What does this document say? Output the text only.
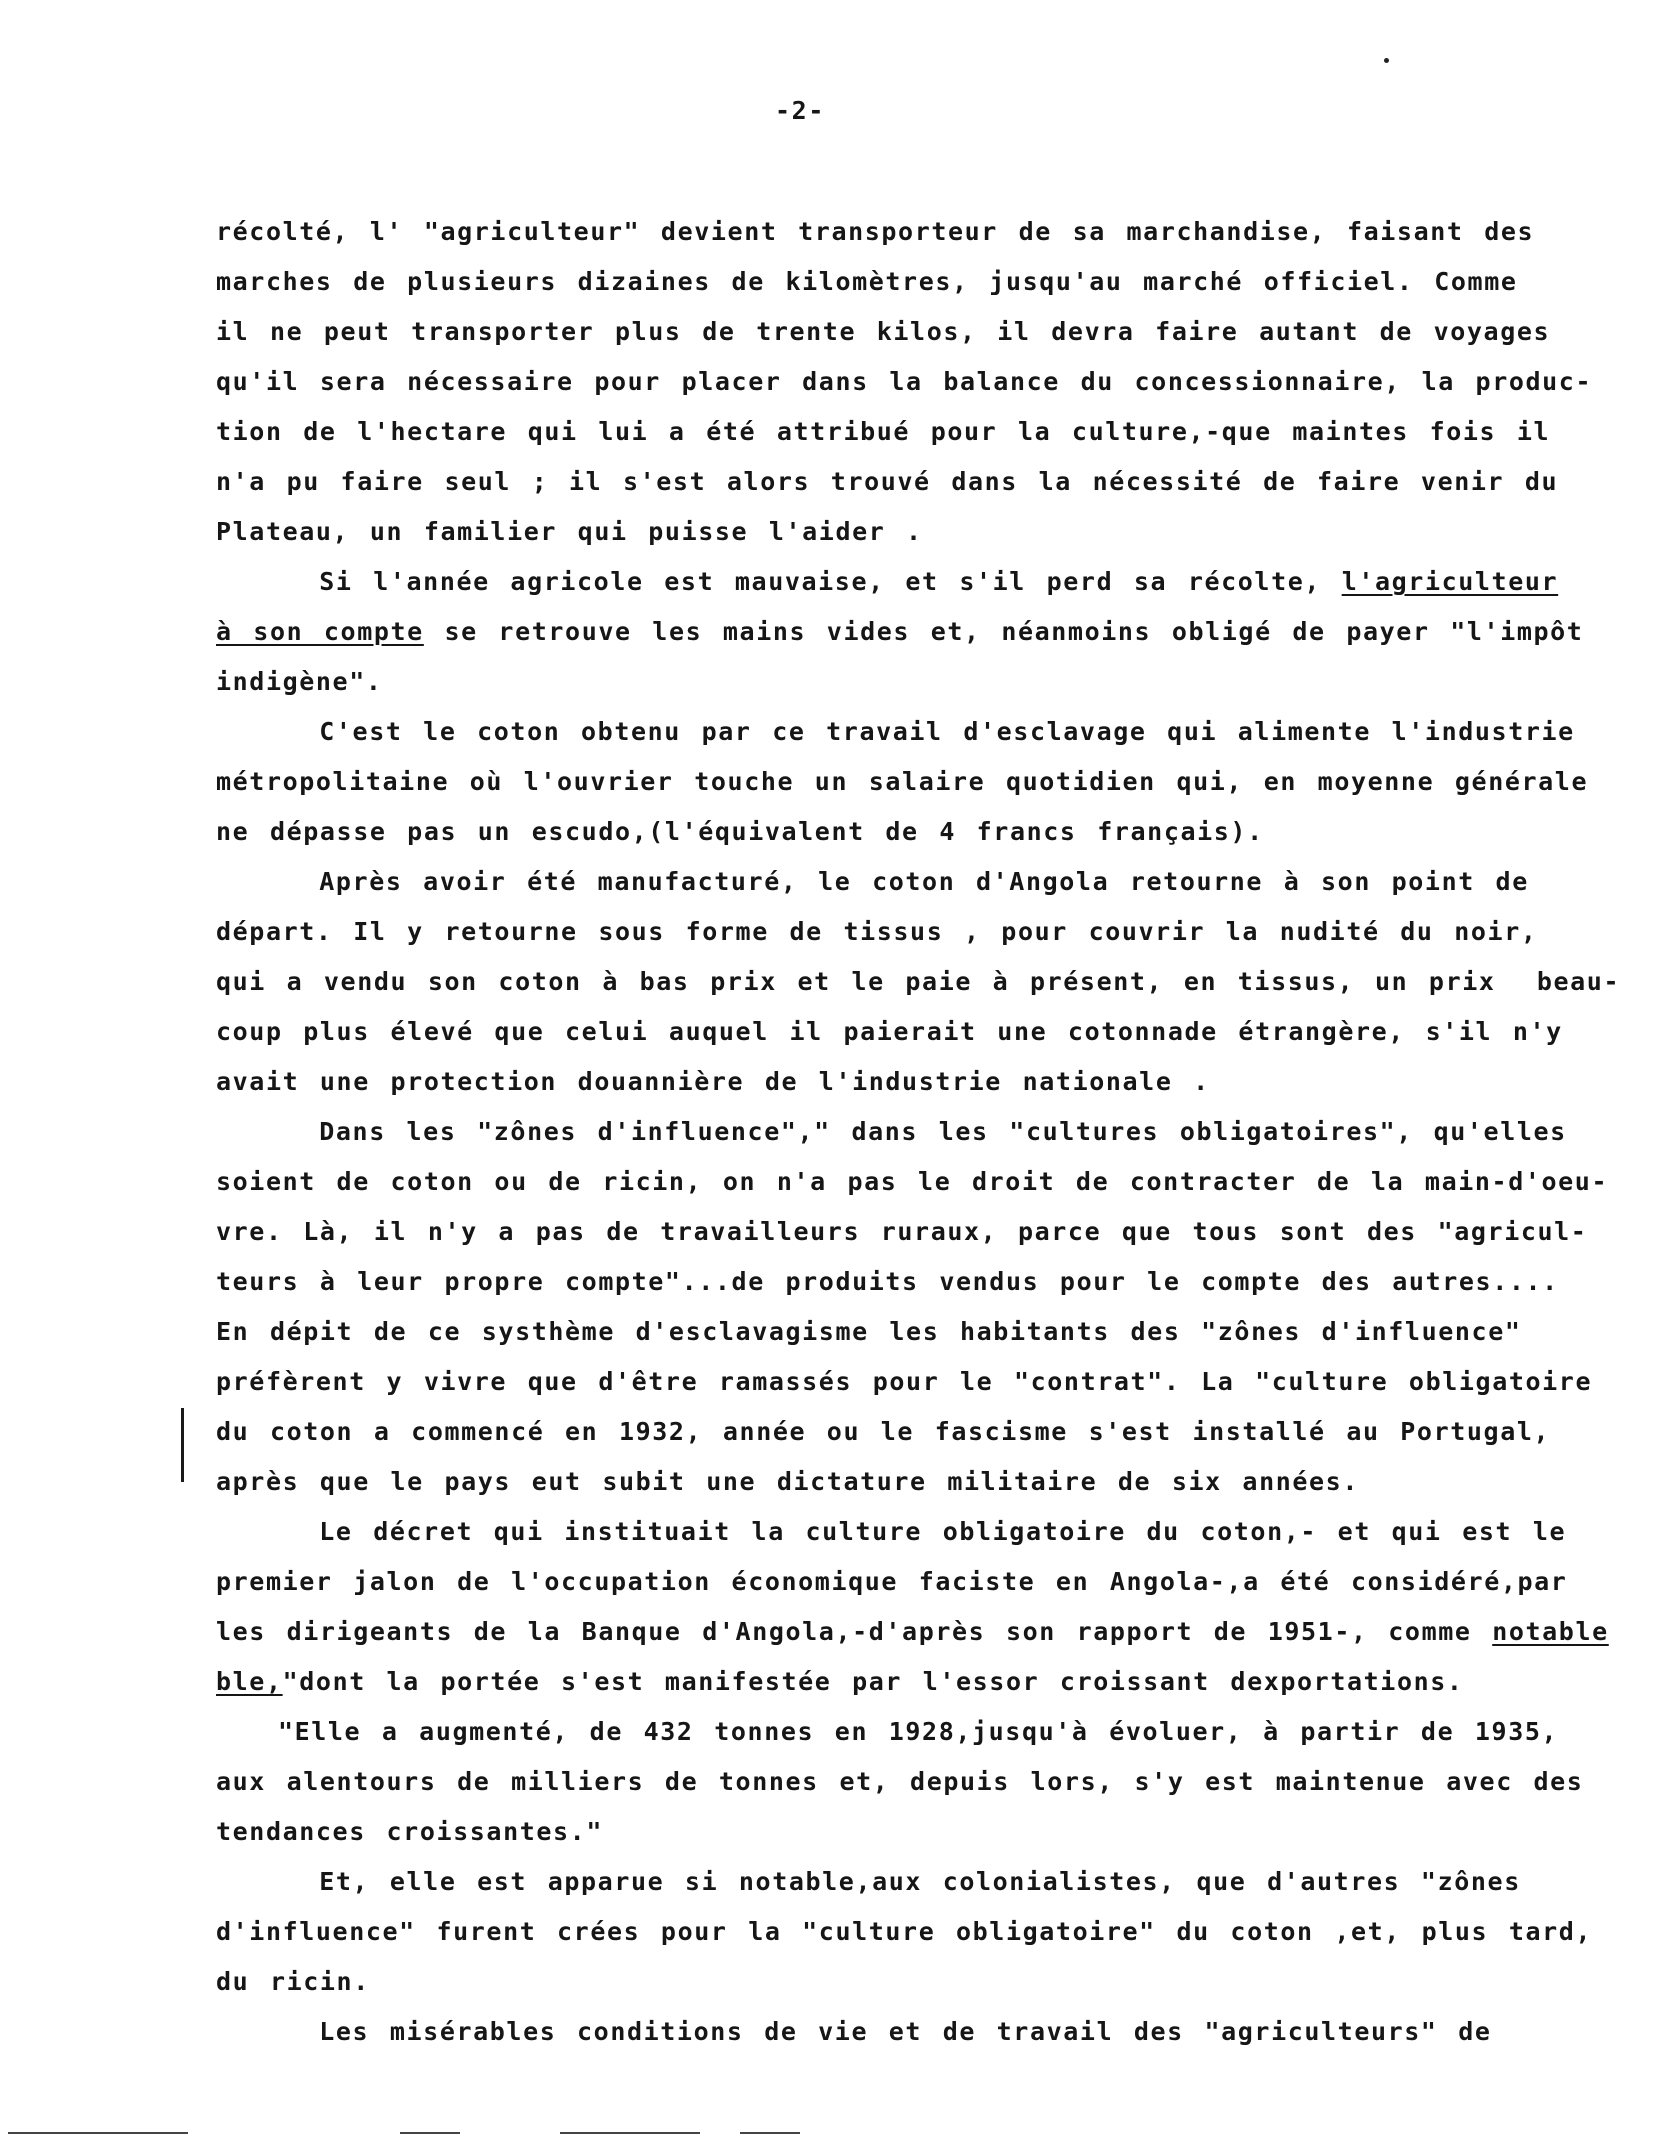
-2-
récolté, l' "agriculteur" devient transporteur de sa marchandise, faisant des
marches de plusieurs dizaines de kilomètres, jusqu'au marché officiel. Comme
il ne peut transporter plus de trente kilos, il devra faire autant de voyages
qu'il sera nécessaire pour placer dans la balance du concessionnaire, la produc-
tion de l'hectare qui lui a été attribué pour la culture,-que maintes fois il
n'a pu faire seul ; il s'est alors trouvé dans la nécessité de faire venir du
Plateau, un familier qui puisse l'aider .
Si l'année agricole est mauvaise, et s'il perd sa récolte, l'agriculteur
à son compte se retrouve les mains vides et, néanmoins obligé de payer "l'impôt
indigène".
C'est le coton obtenu par ce travail d'esclavage qui alimente l'industrie
métropolitaine où l'ouvrier touche un salaire quotidien qui, en moyenne générale
ne dépasse pas un escudo,(l'équivalent de 4 francs français).
Après avoir été manufacturé, le coton d'Angola retourne à son point de
départ. Il y retourne sous forme de tissus , pour couvrir la nudité du noir,
qui a vendu son coton à bas prix et le paie à présent, en tissus, un prix  beau-
coup plus élevé que celui auquel il paierait une cotonnade étrangère, s'il n'y
avait une protection douannière de l'industrie nationale .
Dans les "zônes d'influence"," dans les "cultures obligatoires", qu'elles
soient de coton ou de ricin, on n'a pas le droit de contracter de la main-d'oeu-
vre. Là, il n'y a pas de travailleurs ruraux, parce que tous sont des "agricul-
teurs à leur propre compte"...de produits vendus pour le compte des autres....
En dépit de ce systhème d'esclavagisme les habitants des "zônes d'influence"
préfèrent y vivre que d'être ramassés pour le "contrat". La "culture obligatoire
du coton a commencé en 1932, année ou le fascisme s'est installé au Portugal,
après que le pays eut subit une dictature militaire de six années.
Le décret qui instituait la culture obligatoire du coton,- et qui est le
premier jalon de l'occupation économique faciste en Angola-,a été considéré,par
les dirigeants de la Banque d'Angola,-d'après son rapport de 1951-, comme notable
ble,"dont la portée s'est manifestée par l'essor croissant dexportations.
"Elle a augmenté, de 432 tonnes en 1928,jusqu'à évoluer, à partir de 1935,
aux alentours de milliers de tonnes et, depuis lors, s'y est maintenue avec des
tendances croissantes."
Et, elle est apparue si notable,aux colonialistes, que d'autres "zônes
d'influence" furent crées pour la "culture obligatoire" du coton ,et, plus tard,
du ricin.
Les misérables conditions de vie et de travail des "agriculteurs" de
